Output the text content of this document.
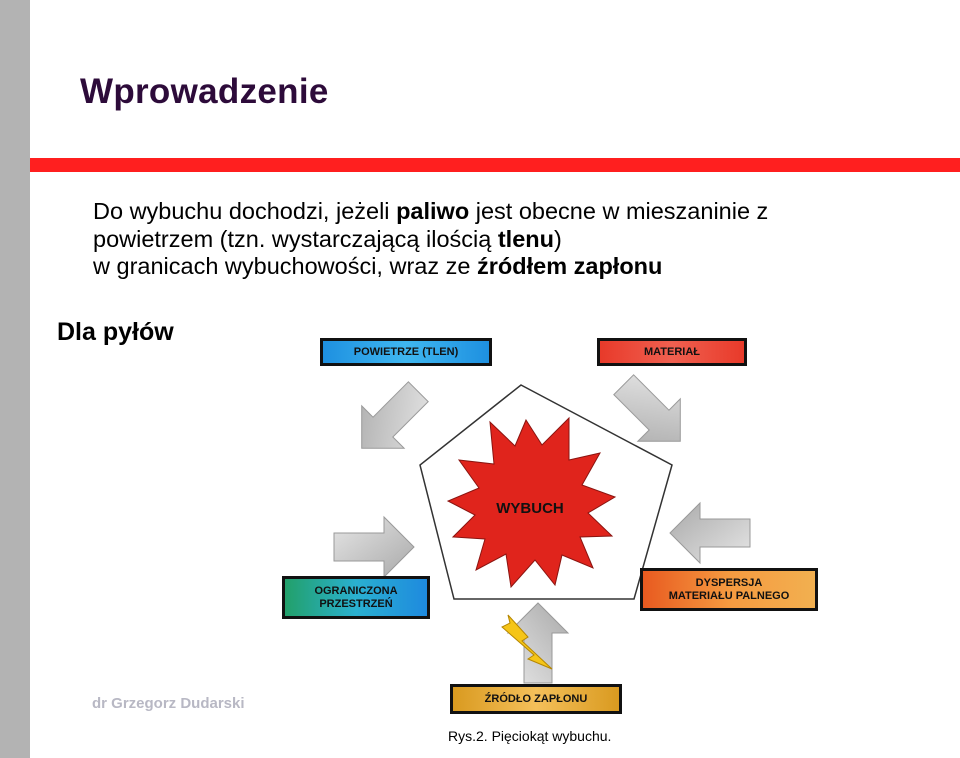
Wprowadzenie
Do wybuchu dochodzi, jeżeli paliwo jest obecne w mieszaninie z
powietrzem (tzn. wystarczającą ilością tlenu)
w granicach wybuchowości, wraz ze źródłem zapłonu
Dla pyłów
WYBUCH
POWIETRZE (TLEN)	MATERIAŁ
OGRANICZONA
PRZESTRZEŃ
DYSPERSJA
MATERIAŁU PALNEGO
ŹRÓDŁO ZAPŁONU
dr Grzegorz Dudarski
Rys.2. Pięciokąt wybuchu.
